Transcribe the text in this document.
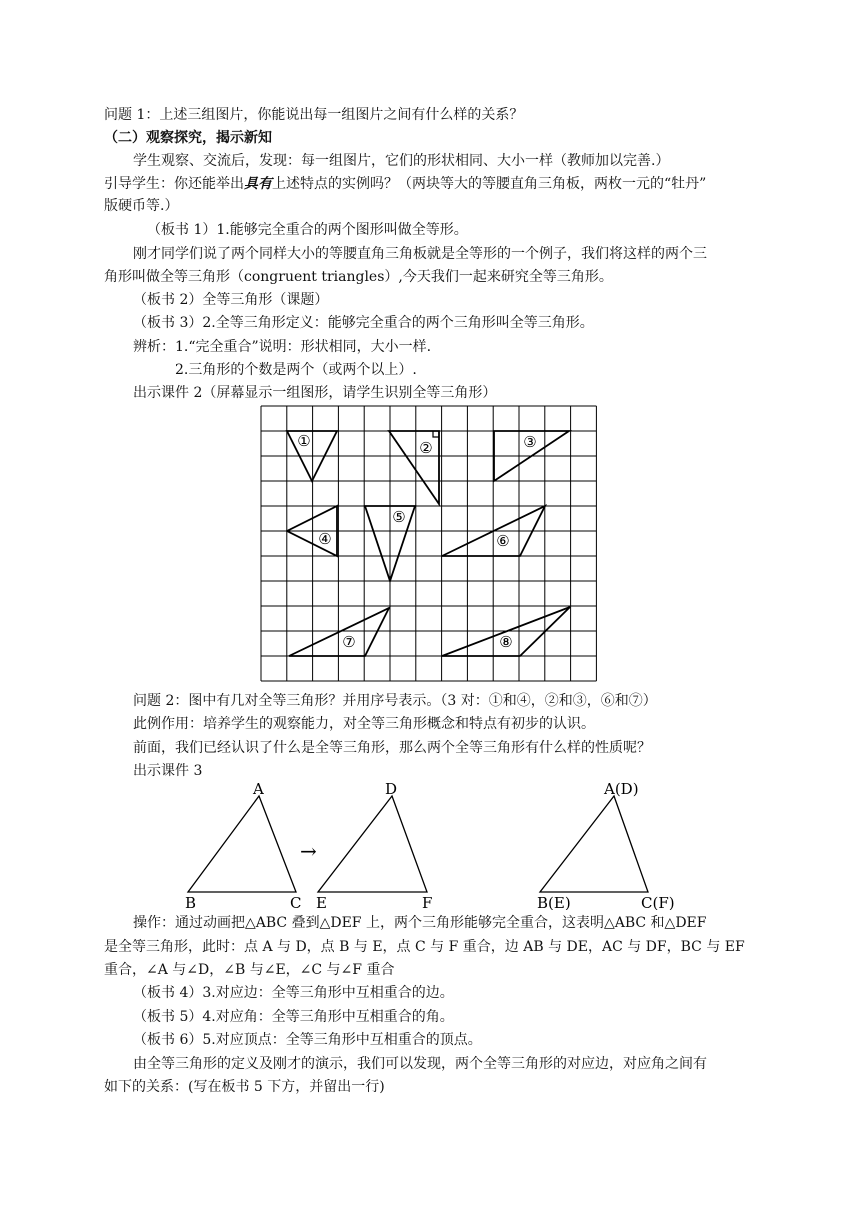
问题 1：上述三组图片，你能说出每一组图片之间有什么样的关系？
（二）观察探究，揭示新知
学生观察、交流后，发现：每一组图片，它们的形状相同、大小一样（教师加以完善.）
引导学生：你还能举出具有上述特点的实例吗？（两块等大的等腰直角三角板，两枚一元的“牡丹”
版硬币等.）
（板书 1）1.能够完全重合的两个图形叫做全等形。
刚才同学们说了两个同样大小的等腰直角三角板就是全等形的一个例子，我们将这样的两个三
角形叫做全等三角形（congruent triangles）,今天我们一起来研究全等三角形。
（板书 2）全等三角形（课题）
（板书 3）2.全等三角形定义：能够完全重合的两个三角形叫全等三角形。
辨析：1.“完全重合”说明：形状相同，大小一样.
2.三角形的个数是两个（或两个以上）.
出示课件 2（屏幕显示一组图形，请学生识别全等三角形）
①	②	③
④
⑤
⑥
⑦	⑧
问题 2：图中有几对全等三角形？并用序号表示。（3 对：①和④，②和③，⑥和⑦）
此例作用：培养学生的观察能力，对全等三角形概念和特点有初步的认识。
前面，我们已经认识了什么是全等三角形，那么两个全等三角形有什么样的性质呢？
出示课件 3
A
B	C
→
D
E	F
A(D)
B(E)	C(F)
操作：通过动画把△ABC 叠到△DEF 上，两个三角形能够完全重合，这表明△ABC 和△DEF
是全等三角形，此时：点 A 与 D，点 B 与 E，点 C 与 F 重合，边 AB 与 DE，AC 与 DF，BC 与 EF
重合，∠A 与∠D，∠B 与∠E，∠C 与∠F 重合
（板书 4）3.对应边：全等三角形中互相重合的边。
（板书 5）4.对应角：全等三角形中互相重合的角。
（板书 6）5.对应顶点：全等三角形中互相重合的顶点。
由全等三角形的定义及刚才的演示，我们可以发现，两个全等三角形的对应边，对应角之间有
如下的关系：(写在板书 5 下方，并留出一行)
